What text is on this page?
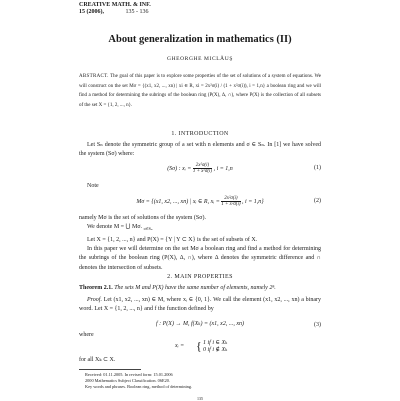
CREATIVE MATH. & INF.
15 (2006),	135 - 136
About generalization in mathematics (II)
GHEORGHE MICLĂUŞ
ABSTRACT. The goal of this paper is to explore some properties of the set of solutions of a system of equations. We will construct on the set Mσ = {(x1, x2, ..., xn) | xi ∈ R, xi = 2x²σ(i) / (1 + x²σ(i)), i = 1,n} a boolean ring and we will find a method for determining the subrings of the boolean ring (P(X), Δ, ∩), where P(X) is the collection of all subsets of the set X = {1, 2, ..., n}.
1. INTRODUCTION
Let Sₙ denote the symmetric group of a set with n elements and σ ∈ Sₙ. In [1] we have solved the system (Sσ) where:
(Sσ) : xᵢ = $\frac{\text{2x²σ(i)}}{\text{1 + x²σ(i)}}$ , i = 1,n	(1)
Note
Mσ = {(x1, x2, ..., xn) | xᵢ ∈ R, xᵢ = $\frac{\text{2x²σ(i)}}{\text{1 + x²σ(i)}}$ , i = 1,n}	(2)
namely Mσ is the set of solutions of the system (Sσ).
We denote M = ⋃ Mσ. $_{\sigma\in S_n}$
Let X = {1, 2, ..., n} and P(X) = {Y | Y ⊂ X} is the set of subsets of X.
In this paper we will determine on the set Mσ a boolean ring and find a method for determining the subrings of the boolean ring (P(X), Δ, ∩), where Δ denotes the symmetric difference and ∩ denotes the intersection of subsets.
2. MAIN PROPERTIES
Theorem 2.1. The sets M and P(X) have the same number of elements, namely 2ⁿ.
Proof. Let (x1, x2, ..., xn) ∈ M, where xᵢ ∈ {0, 1}. We call the element (x1, x2, ..., xn) a binary word. Let X = {1, 2, ..., n} and f the function defined by
f : P(X) → M, f(Xₖ) = (x1, x2, ..., xn)	(3)
where
xᵢ = { 1 if i ∈ Xₖ
0 if i ∉ Xₖ
for all Xₖ ⊂ X.
Received: 01.11.2005. In revised form: 15.01.2006
2000 Mathematics Subject Classification. 06E20.
Key words and phrases. Boolean ring, method of determining.
135
